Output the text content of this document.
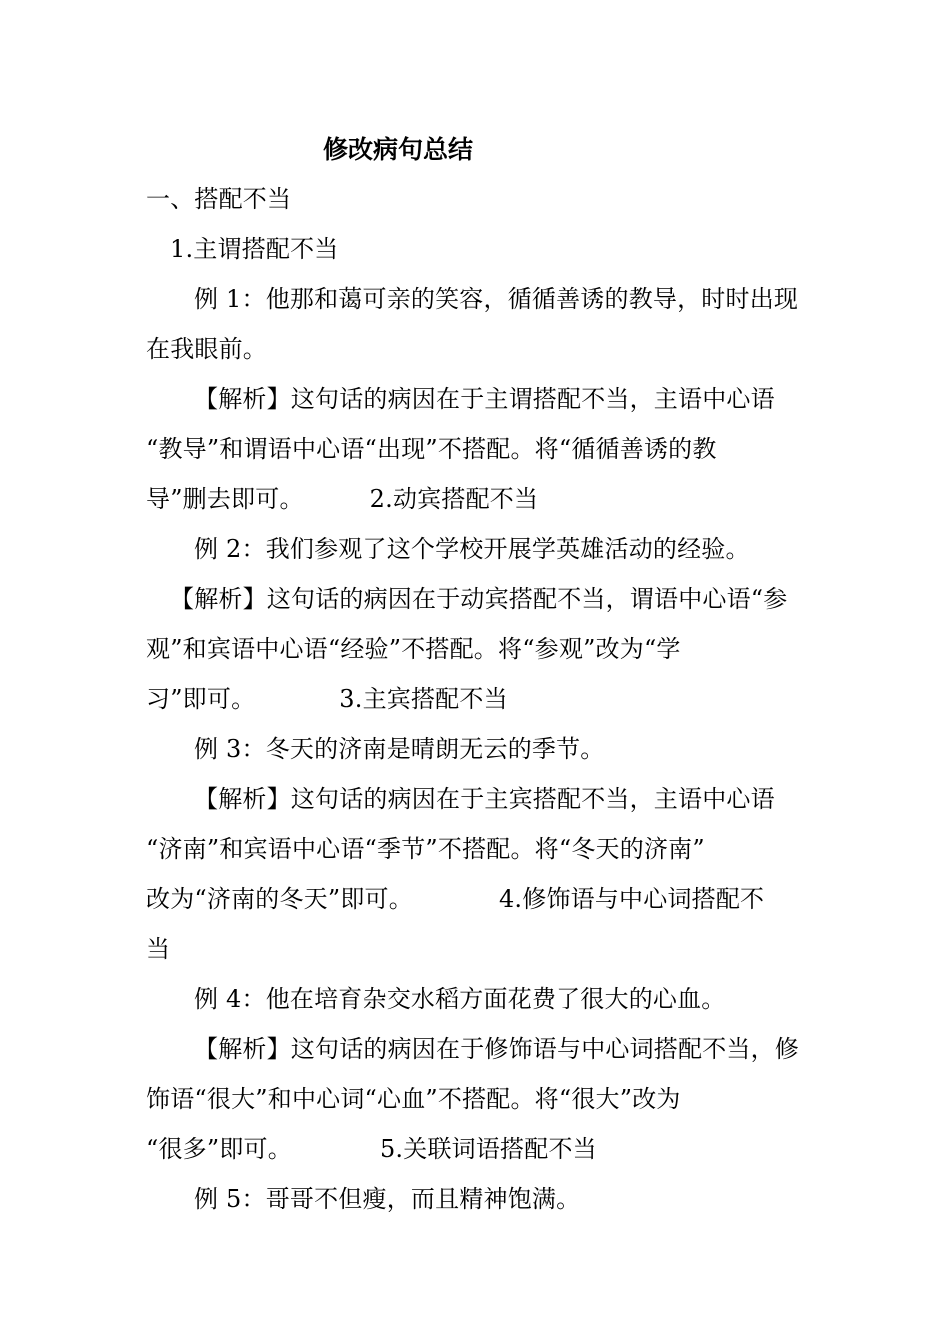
修改病句总结
一、搭配不当
1.主谓搭配不当
例 1：他那和蔼可亲的笑容，循循善诱的教导，时时出现
在我眼前。
【解析】这句话的病因在于主谓搭配不当，主语中心语
“教导”和谓语中心语“出现”不搭配。将“循循善诱的教
导”删去即可。	2.动宾搭配不当
例 2：我们参观了这个学校开展学英雄活动的经验。
【解析】这句话的病因在于动宾搭配不当，谓语中心语“参
观”和宾语中心语“经验”不搭配。将“参观”改为“学
习”即可。	3.主宾搭配不当
例 3：冬天的济南是晴朗无云的季节。
【解析】这句话的病因在于主宾搭配不当，主语中心语
“济南”和宾语中心语“季节”不搭配。将“冬天的济南”
改为“济南的冬天”即可。	4.修饰语与中心词搭配不
当
例 4：他在培育杂交水稻方面花费了很大的心血。
【解析】这句话的病因在于修饰语与中心词搭配不当，修
饰语“很大”和中心词“心血”不搭配。将“很大”改为
“很多”即可。	5.关联词语搭配不当
例 5：哥哥不但瘦，而且精神饱满。
